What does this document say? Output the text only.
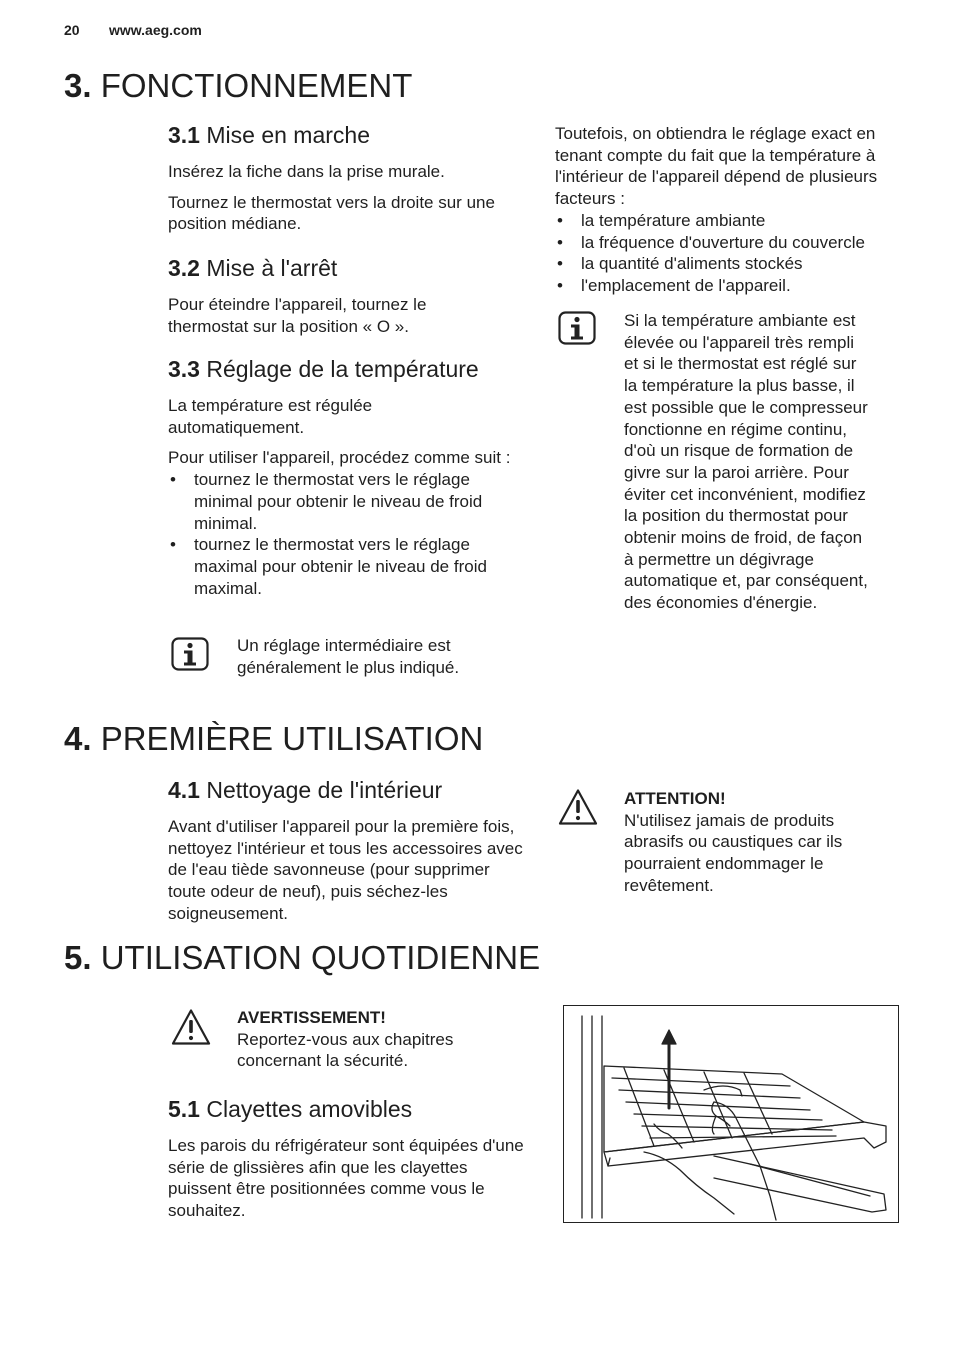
20 www.aeg.com
3. FONCTIONNEMENT
3.1 Mise en marche

Insérez la fiche dans la prise murale.

Tournez le thermostat vers la droite sur une position médiane.

3.2 Mise à l'arrêt

Pour éteindre l'appareil, tournez le thermostat sur la position « O ».

3.3 Réglage de la température

La température est régulée automatiquement.

Pour utiliser l'appareil, procédez comme suit :

• tournez le thermostat vers le réglage minimal pour obtenir le niveau de froid minimal.
• tournez le thermostat vers le réglage maximal pour obtenir le niveau de froid maximal.

Un réglage intermédiaire est généralement le plus indiqué.

Toutefois, on obtiendra le réglage exact en tenant compte du fait que la température à l'intérieur de l'appareil dépend de plusieurs facteurs :

• la température ambiante
• la fréquence d'ouverture du couvercle
• la quantité d'aliments stockés
• l'emplacement de l'appareil.

Si la température ambiante est élevée ou l'appareil très rempli et si le thermostat est réglé sur la température la plus basse, il est possible que le compresseur fonctionne en régime continu, d'où un risque de formation de givre sur la paroi arrière. Pour éviter cet inconvénient, modifiez la position du thermostat pour obtenir moins de froid, de façon à permettre un dégivrage automatique et, par conséquent, des économies d'énergie.

4. PREMIÈRE UTILISATION
4.1 Nettoyage de l'intérieur

Avant d'utiliser l'appareil pour la première fois, nettoyez l'intérieur et tous les accessoires avec de l'eau tiède savonneuse (pour supprimer toute odeur de neuf), puis séchez-les soigneusement.

ATTENTION!

N'utilisez jamais de produits abrasifs ou caustiques car ils pourraient endommager le revêtement.

5. UTILISATION QUOTIDIENNE

AVERTISSEMENT!

Reportez-vous aux chapitres concernant la sécurité.

5.1 Clayettes amovibles

Les parois du réfrigérateur sont équipées d'une série de glissières afin que les clayettes puissent être positionnées comme vous le souhaitez.
